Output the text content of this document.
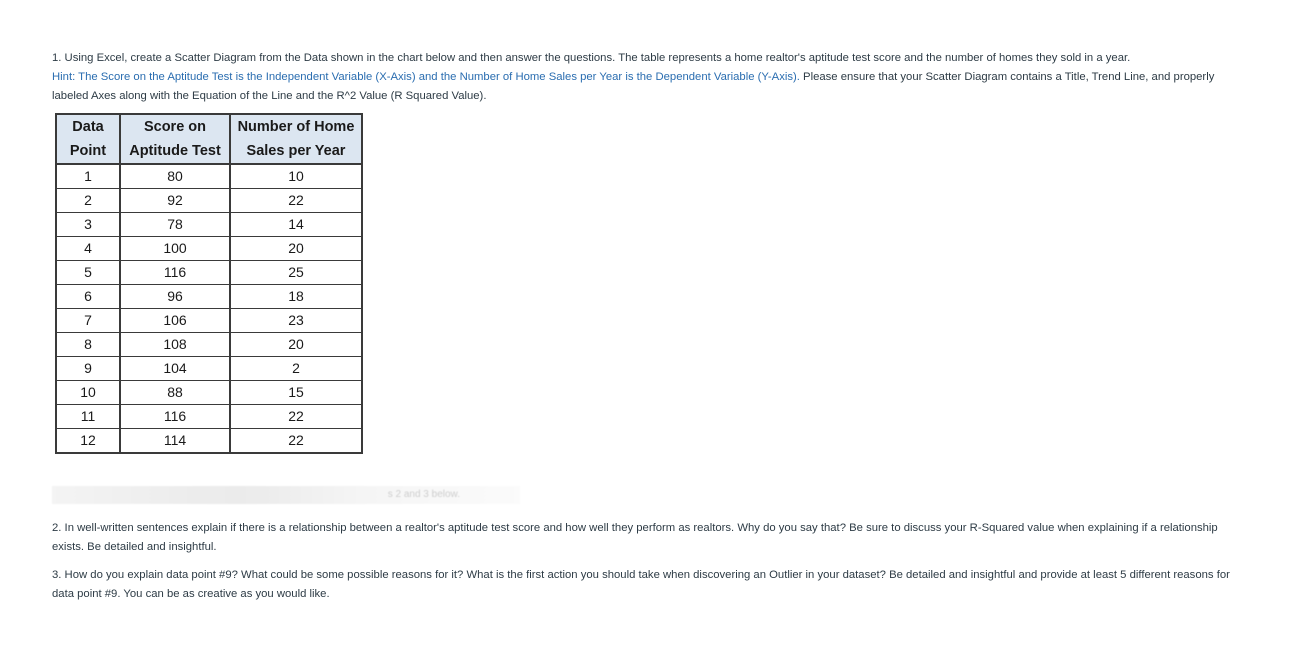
1. Using Excel, create a Scatter Diagram from the Data shown in the chart below and then answer the questions. The table represents a home realtor's aptitude test score and the number of homes they sold in a year.
Hint: The Score on the Aptitude Test is the Independent Variable (X-Axis) and the Number of Home Sales per Year is the Dependent Variable (Y-Axis). Please ensure that your Scatter Diagram contains a Title, Trend Line, and properly labeled Axes along with the Equation of the Line and the R^2 Value (R Squared Value).
Data Point	Score on Aptitude Test	Number of Home Sales per Year
1	80	10
2	92	22
3	78	14
4	100	20
5	116	25
6	96	18
7	106	23
8	108	20
9	104	2
10	88	15
11	116	22
12	114	22
s 2 and 3 below.
2. In well-written sentences explain if there is a relationship between a realtor's aptitude test score and how well they perform as realtors. Why do you say that? Be sure to discuss your R-Squared value when explaining if a relationship exists. Be detailed and insightful.
3. How do you explain data point #9? What could be some possible reasons for it? What is the first action you should take when discovering an Outlier in your dataset? Be detailed and insightful and provide at least 5 different reasons for data point #9. You can be as creative as you would like.
